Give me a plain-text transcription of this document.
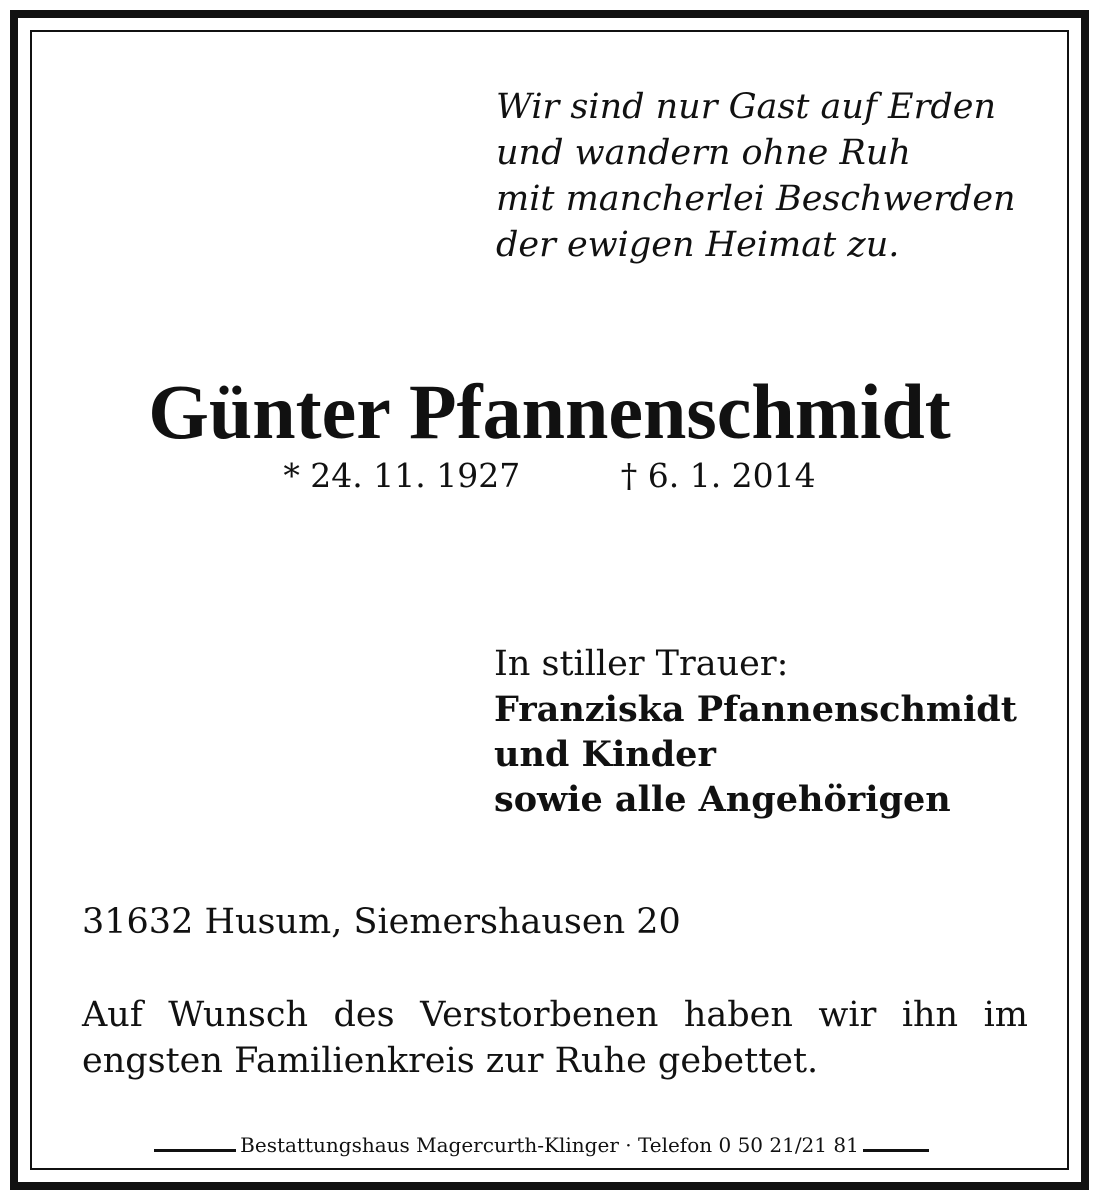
Wir sind nur Gast auf Erden
und wandern ohne Ruh
mit mancherlei Beschwerden
der ewigen Heimat zu.

Günter Pfannenschmidt
* 24. 11. 1927	† 6. 1. 2014

In stiller Trauer:
Franziska Pfannenschmidt
und Kinder
sowie alle Angehörigen

31632 Husum, Siemershausen 20

Auf Wunsch des Verstorbenen haben wir ihn im
engsten Familienkreis zur Ruhe gebettet.

Bestattungshaus Magercurth-Klinger · Telefon 0 50 21/21 81
